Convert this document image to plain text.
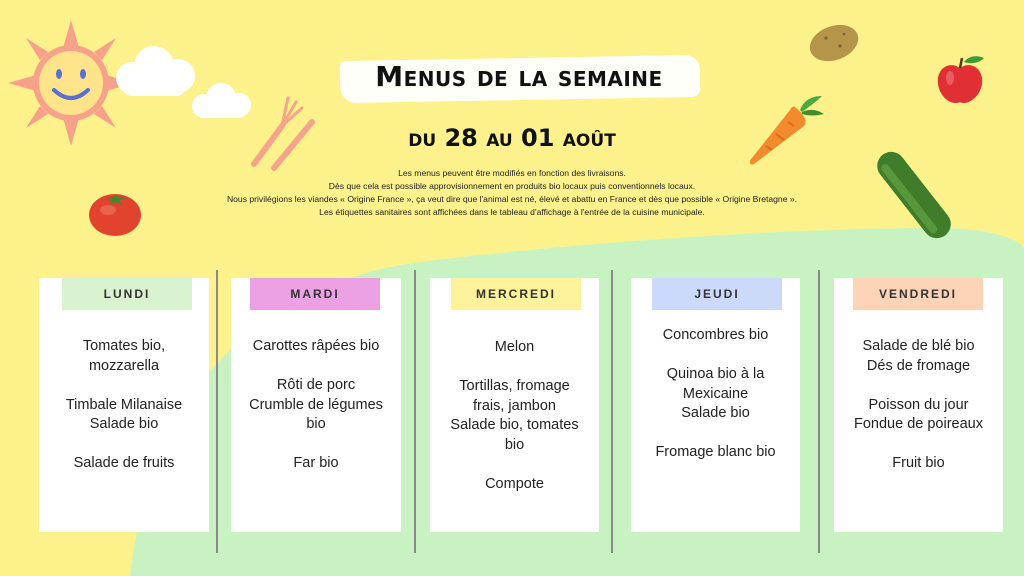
Menus de la semaine
du 28 au 01 août
Les menus peuvent être modifiés en fonction des livraisons.
Dès que cela est possible approvisionnement en produits bio locaux puis conventionnels locaux.
Nous privilégions les viandes « Origine France », ça veut dire que l'animal est né, élevé et abattu en France et dès que possible « Origine Bretagne ».
Les étiquettes sanitaires sont affichées dans le tableau d'affichage à l'entrée de la cuisine municipale.
LUNDI
Tomates bio,
mozzarella
Timbale Milanaise
Salade bio
Salade de fruits
MARDI
Carottes râpées bio
Rôti de porc
Crumble de légumes
bio
Far bio
MERCREDI
Melon
Tortillas, fromage
frais, jambon
Salade bio, tomates
bio
Compote
JEUDI
Concombres bio
Quinoa bio à la
Mexicaine
Salade bio
Fromage blanc bio
VENDREDI
Salade de blé bio
Dés de fromage
Poisson du jour
Fondue de poireaux
Fruit bio
